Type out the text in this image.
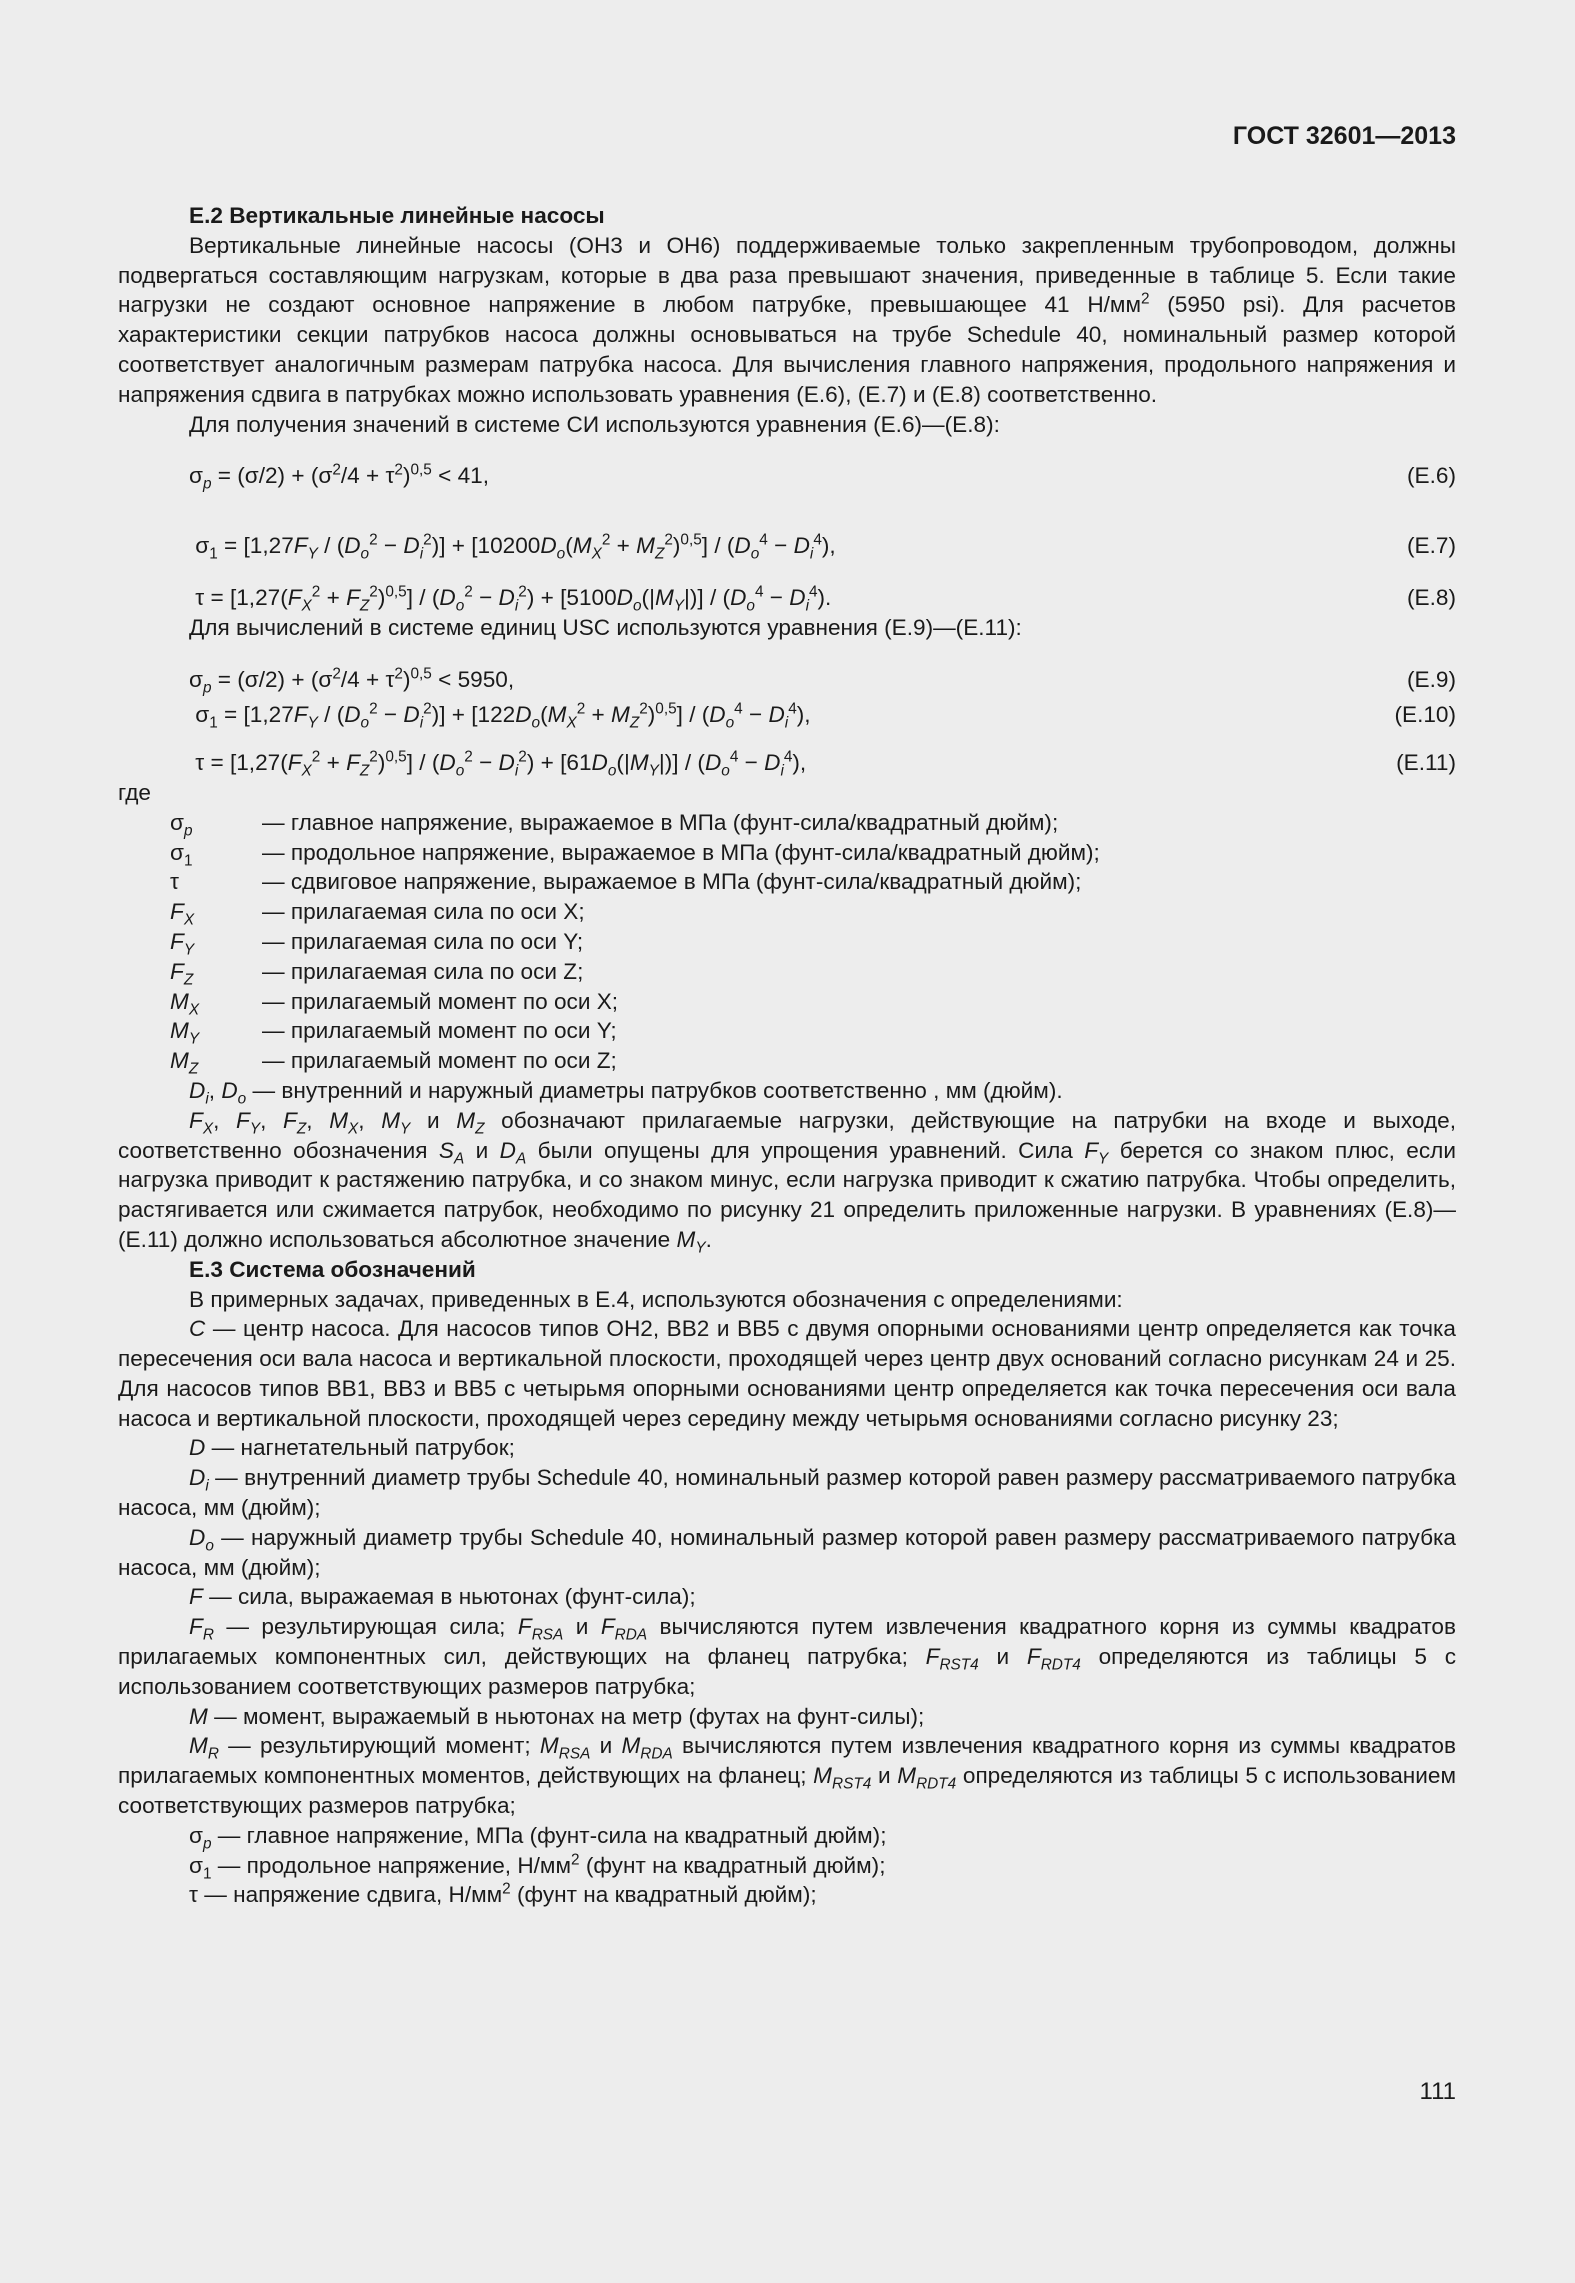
ГОСТ 32601—2013

Е.2 Вертикальные линейные насосы

Вертикальные линейные насосы (ОН3 и ОН6) поддерживаемые только закрепленным трубопроводом, должны подвергаться составляющим нагрузкам, которые в два раза превышают значения, приведенные в таблице 5. Если такие нагрузки не создают основное напряжение в любом патрубке, превышающее 41 $Н/мм^2$ (5950 psi). Для расчетов характеристики секции патрубков насоса должны основываться на трубе Schedule 40, номинальный размер которой соответствует аналогичным размерам патрубка насоса. Для вычисления главного напряжения, продольного напряжения и напряжения сдвига в патрубках можно использовать уравнения (Е.6), (Е.7) и (Е.8) соответственно.

Для получения значений в системе СИ используются уравнения (Е.6)—(Е.8):

$\sigma_p = (\sigma/2) + (\sigma^2/4 + \tau^2)^{0,5} < 41$,	(Е.6)
$\sigma_1 = [1,27F_Y / (D_o^2 - D_i^2)] + [10200D_o(M_X^2 + M_Z^2)^{0,5}] / (D_o^4 - D_i^4)$,	(Е.7)
$\tau = [1,27(F_X^2 + F_Z^2)^{0,5}] / (D_o^2 - D_i^2) + [5100D_o(|M_Y|)] / (D_o^4 - D_i^4)$.	(Е.8)

Для вычислений в системе единиц USC используются уравнения (Е.9)—(Е.11):

$\sigma_p = (\sigma/2) + (\sigma^2/4 + \tau^2)^{0,5} < 5950$,	(Е.9)
$\sigma_1 = [1,27F_Y / (D_o^2 - D_i^2)] + [122D_o(M_X^2 + M_Z^2)^{0,5}] / (D_o^4 - D_i^4)$,	(Е.10)
$\tau = [1,27(F_X^2 + F_Z^2)^{0,5}] / (D_o^2 - D_i^2) + [61D_o(|M_Y|)] / (D_o^4 - D_i^4)$,	(Е.11)

где

$\sigma_p$	— главное напряжение, выражаемое в МПа (фунт-сила/квадратный дюйм);
$\sigma_1$	— продольное напряжение, выражаемое в МПа (фунт-сила/квадратный дюйм);
τ	— сдвиговое напряжение, выражаемое в МПа (фунт-сила/квадратный дюйм);
$F_X$	— прилагаемая сила по оси X;
$F_Y$	— прилагаемая сила по оси Y;
$F_Z$	— прилагаемая сила по оси Z;
$M_X$	— прилагаемый момент по оси X;
$M_Y$	— прилагаемый момент по оси Y;
$M_Z$	— прилагаемый момент по оси Z;

$D_i$, $D_o$ — внутренний и наружный диаметры патрубков соответственно , мм (дюйм).

$F_X$, $F_Y$, $F_Z$, $M_X$, $M_Y$ и $M_Z$ обозначают прилагаемые нагрузки, действующие на патрубки на входе и выходе, соответственно обозначения $S_A$ и $D_A$ были опущены для упрощения уравнений. Сила $F_Y$ берется со знаком плюс, если нагрузка приводит к растяжению патрубка, и со знаком минус, если нагрузка приводит к сжатию патрубка. Чтобы определить, растягивается или сжимается патрубок, необходимо по рисунку 21 определить приложенные нагрузки. В уравнениях (Е.8)—(Е.11) должно использоваться абсолютное значение $M_Y$.

Е.3 Система обозначений

В примерных задачах, приведенных в Е.4, используются обозначения с определениями:

C — центр насоса. Для насосов типов ОН2, ВВ2 и ВВ5 с двумя опорными основаниями центр определяется как точка пересечения оси вала насоса и вертикальной плоскости, проходящей через центр двух оснований согласно рисункам 24 и 25. Для насосов типов ВВ1, ВВ3 и ВВ5 с четырьмя опорными основаниями центр определяется как точка пересечения оси вала насоса и вертикальной плоскости, проходящей через середину между четырьмя основаниями согласно рисунку 23;

D — нагнетательный патрубок;

$D_i$ — внутренний диаметр трубы Schedule 40, номинальный размер которой равен размеру рассматриваемого патрубка насоса, мм (дюйм);

$D_o$ — наружный диаметр трубы Schedule 40, номинальный размер которой равен размеру рассматриваемого патрубка насоса, мм (дюйм);

F — сила, выражаемая в ньютонах (фунт-сила);

$F_R$ — результирующая сила; $F_{RSA}$ и $F_{RDA}$ вычисляются путем извлечения квадратного корня из суммы квадратов прилагаемых компонентных сил, действующих на фланец патрубка; $F_{RST4}$ и $F_{RDT4}$ определяются из таблицы 5 с использованием соответствующих размеров патрубка;

M — момент, выражаемый в ньютонах на метр (футах на фунт-силы);

$M_R$ — результирующий момент; $M_{RSA}$ и $M_{RDA}$ вычисляются путем извлечения квадратного корня из суммы квадратов прилагаемых компонентных моментов, действующих на фланец; $M_{RST4}$ и $M_{RDT4}$ определяются из таблицы 5 с использованием соответствующих размеров патрубка;

$\sigma_p$ — главное напряжение, МПа (фунт-сила на квадратный дюйм);

$\sigma_1$ — продольное напряжение, $Н/мм^2$ (фунт на квадратный дюйм);

τ — напряжение сдвига, $Н/мм^2$ (фунт на квадратный дюйм);

111
